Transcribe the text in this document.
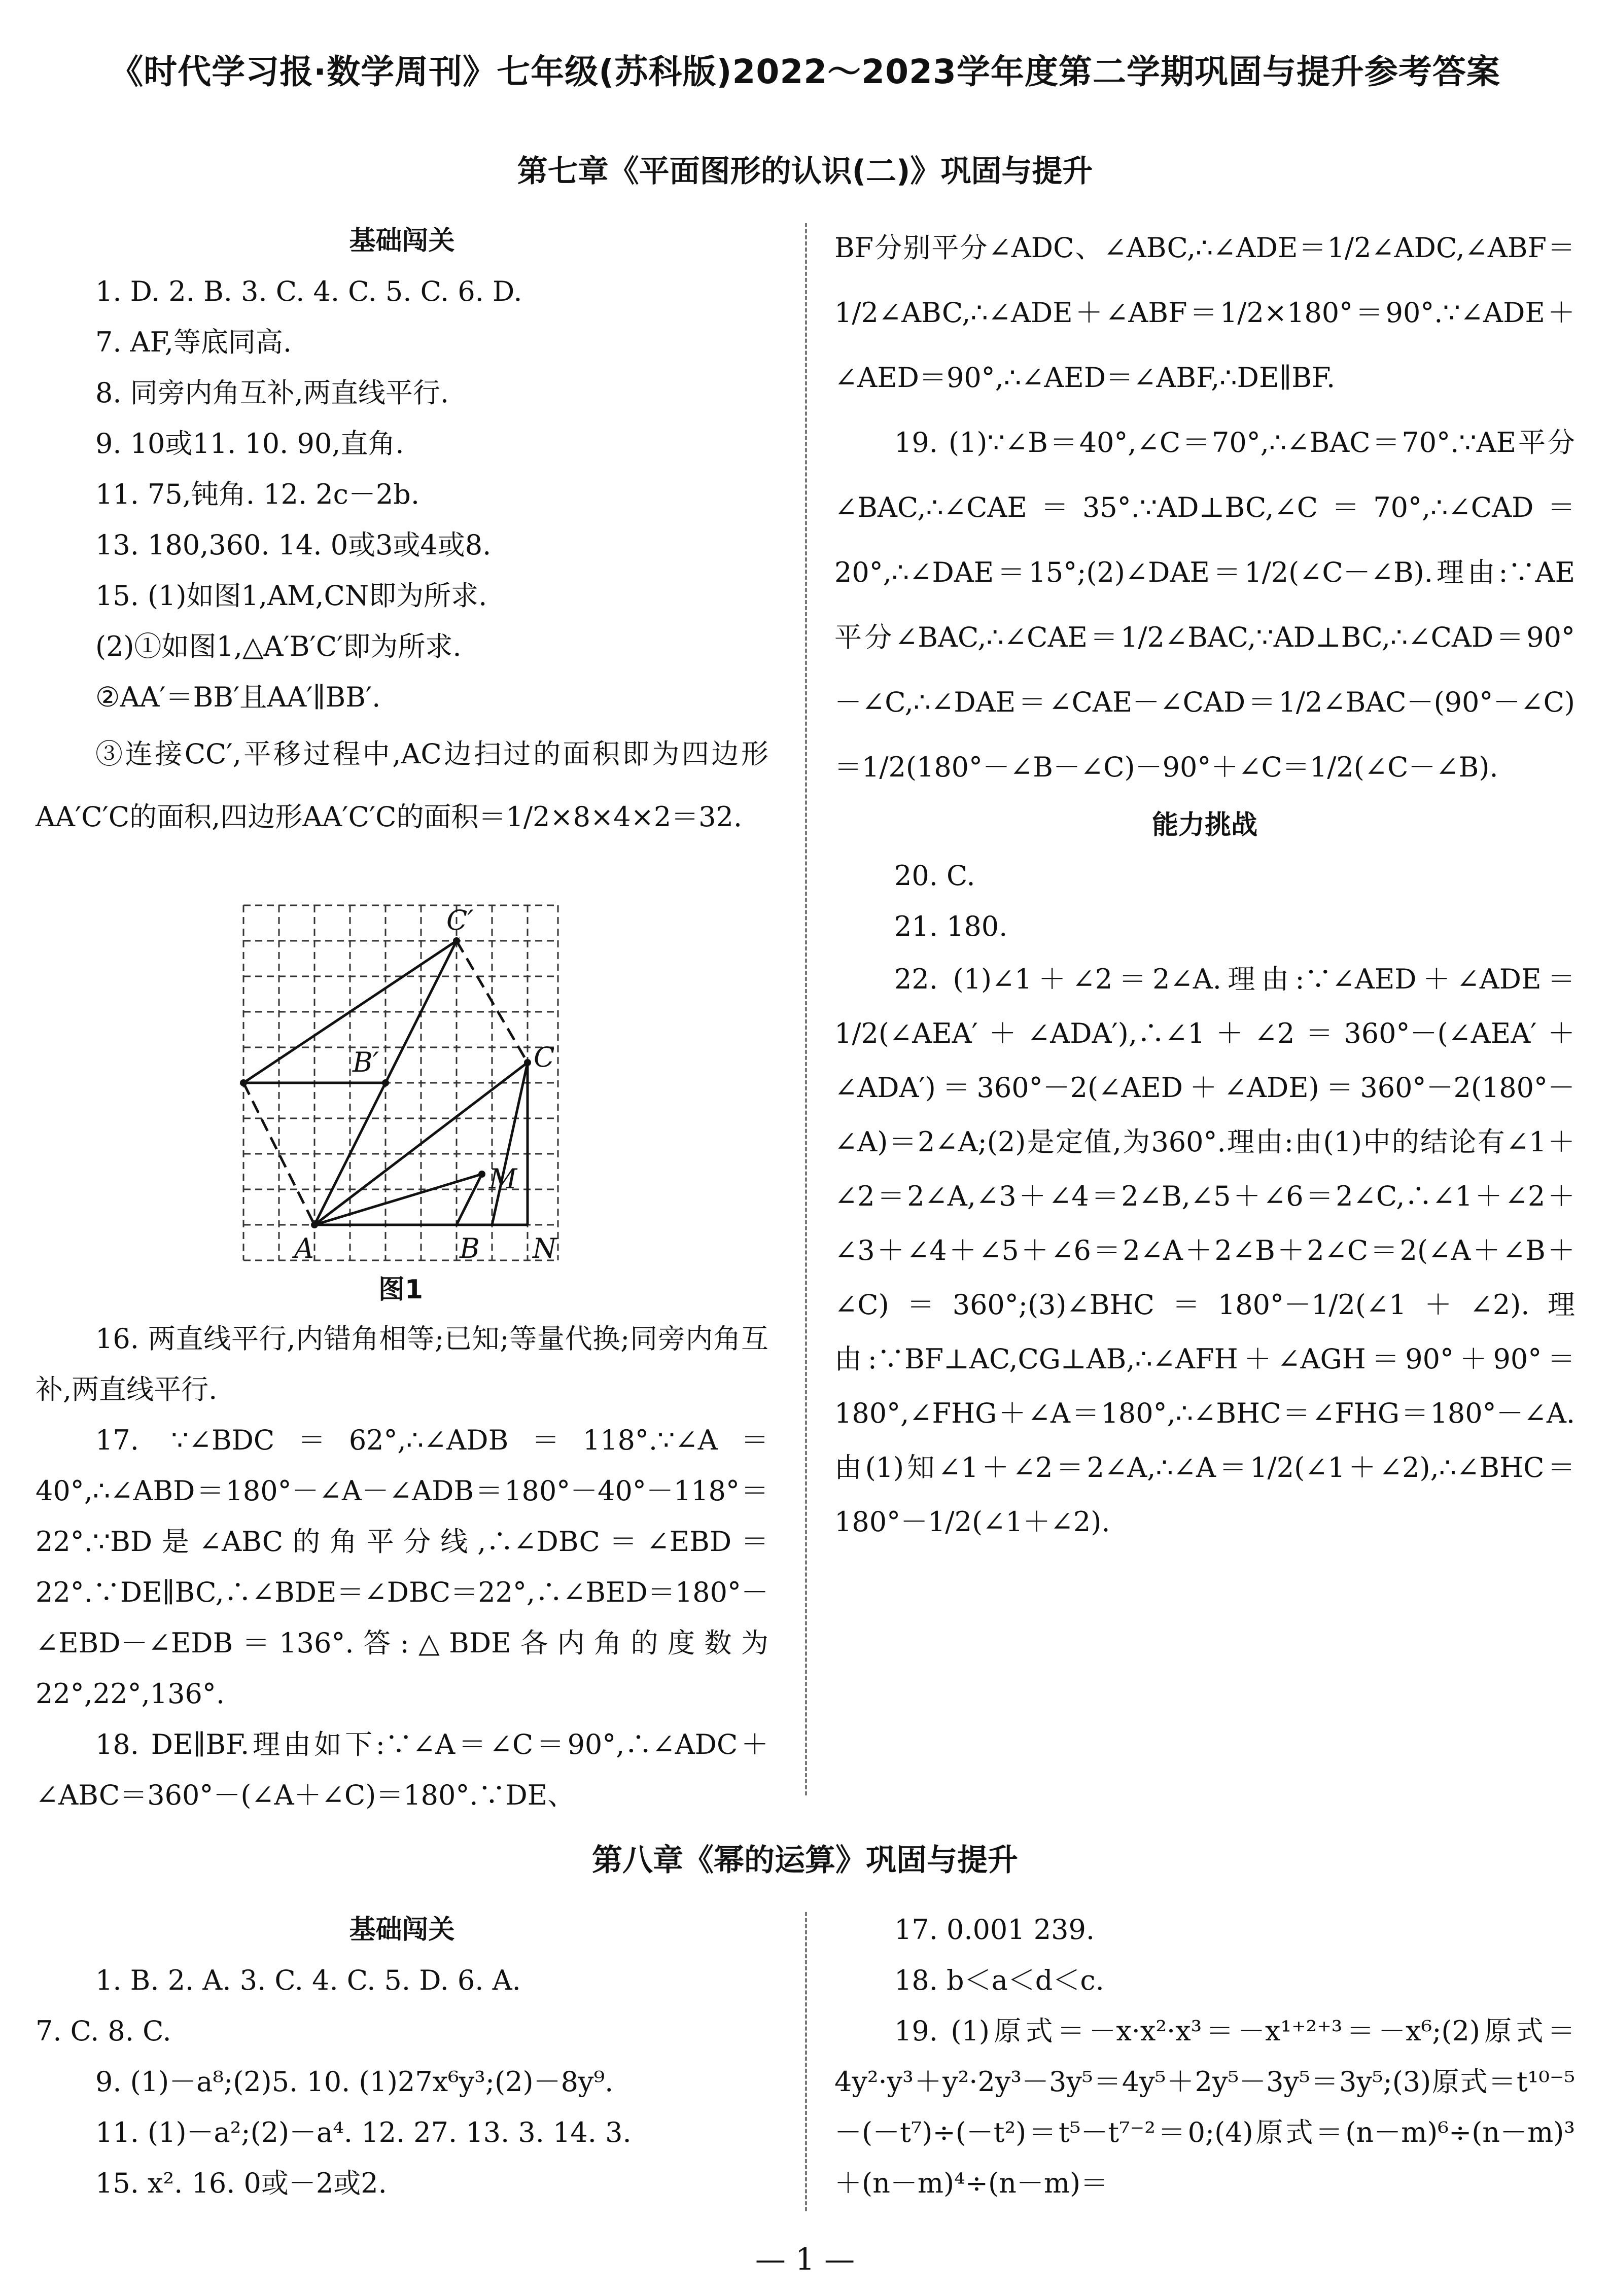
《时代学习报·数学周刊》七年级(苏科版)2022～2023学年度第二学期巩固与提升参考答案
第七章《平面图形的认识(二)》巩固与提升

基础闯关

1. D. 2. B. 3. C. 4. C. 5. C. 6. D.

7. AF,等底同高.

8. 同旁内角互补,两直线平行.

9. 10或11. 10. 90,直角.

11. 75,钝角. 12. 2c－2b.

13. 180,360. 14. 0或3或4或8.

15. (1)如图1,AM,CN即为所求.

(2)①如图1,△A′B′C′即为所求.

②AA′＝BB′且AA′∥BB′.

③连接CC′,平移过程中,AC边扫过的面积即为四边形AA′C′C的面积,四边形AA′C′C的面积＝1/2×8×4×2＝32.

C′
B′	C
M
A	B N
图1

16. 两直线平行,内错角相等;已知;等量代换;同旁内角互补,两直线平行.

17. ∵∠BDC＝62°,∴∠ADB＝118°.∵∠A＝40°,∴∠ABD＝180°－∠A－∠ADB＝180°－40°－118°＝22°.∵BD是∠ABC的角平分线,∴∠DBC＝∠EBD＝22°.∵DE∥BC,∴∠BDE＝∠DBC＝22°,∴∠BED＝180°－∠EBD－∠EDB＝136°.答:△BDE各内角的度数为22°,22°,136°.

18. DE∥BF.理由如下:∵∠A＝∠C＝90°,∴∠ADC＋∠ABC＝360°－(∠A＋∠C)＝180°.∵DE、

BF分别平分∠ADC、∠ABC,∴∠ADE＝1/2∠ADC,∠ABF＝1/2∠ABC,∴∠ADE＋∠ABF＝1/2×180°＝90°.∵∠ADE＋∠AED＝90°,∴∠AED＝∠ABF,∴DE∥BF.

19. (1)∵∠B＝40°,∠C＝70°,∴∠BAC＝70°.∵AE平分∠BAC,∴∠CAE＝35°.∵AD⊥BC,∠C＝70°,∴∠CAD＝20°,∴∠DAE＝15°;(2)∠DAE＝1/2(∠C－∠B).理由:∵AE平分∠BAC,∴∠CAE＝1/2∠BAC,∵AD⊥BC,∴∠CAD＝90°－∠C,∴∠DAE＝∠CAE－∠CAD＝1/2∠BAC－(90°－∠C)＝1/2(180°－∠B－∠C)－90°＋∠C＝1/2(∠C－∠B).

能力挑战

20. C.

21. 180.

22. (1)∠1＋∠2＝2∠A.理由:∵∠AED＋∠ADE＝1/2(∠AEA′＋∠ADA′),∴∠1＋∠2＝360°－(∠AEA′＋∠ADA′)＝360°－2(∠AED＋∠ADE)＝360°－2(180°－∠A)＝2∠A;(2)是定值,为360°.理由:由(1)中的结论有∠1＋∠2＝2∠A,∠3＋∠4＝2∠B,∠5＋∠6＝2∠C,∴∠1＋∠2＋∠3＋∠4＋∠5＋∠6＝2∠A＋2∠B＋2∠C＝2(∠A＋∠B＋∠C)＝360°;(3)∠BHC＝180°－1/2(∠1＋∠2).理由:∵BF⊥AC,CG⊥AB,∴∠AFH＋∠AGH＝90°＋90°＝180°,∠FHG＋∠A＝180°,∴∠BHC＝∠FHG＝180°－∠A.由(1)知∠1＋∠2＝2∠A,∴∠A＝1/2(∠1＋∠2),∴∠BHC＝180°－1/2(∠1＋∠2).

第八章《幂的运算》巩固与提升

基础闯关

1. B. 2. A. 3. C. 4. C. 5. D. 6. A.

7. C. 8. C.

9. (1)－a⁸;(2)5. 10. (1)27x⁶y³;(2)－8y⁹.

11. (1)－a²;(2)－a⁴. 12. 27. 13. 3. 14. 3.

15. x². 16. 0或－2或2.

17. 0.001 239.

18. b＜a＜d＜c.

19. (1)原式＝－x·x²·x³＝－x¹⁺²⁺³＝－x⁶;(2)原式＝4y²·y³＋y²·2y³－3y⁵＝4y⁵＋2y⁵－3y⁵＝3y⁵;(3)原式＝t¹⁰⁻⁵－(－t⁷)÷(－t²)＝t⁵－t⁷⁻²＝0;(4)原式＝(n－m)⁶÷(n－m)³＋(n－m)⁴÷(n－m)＝

— 1 —
